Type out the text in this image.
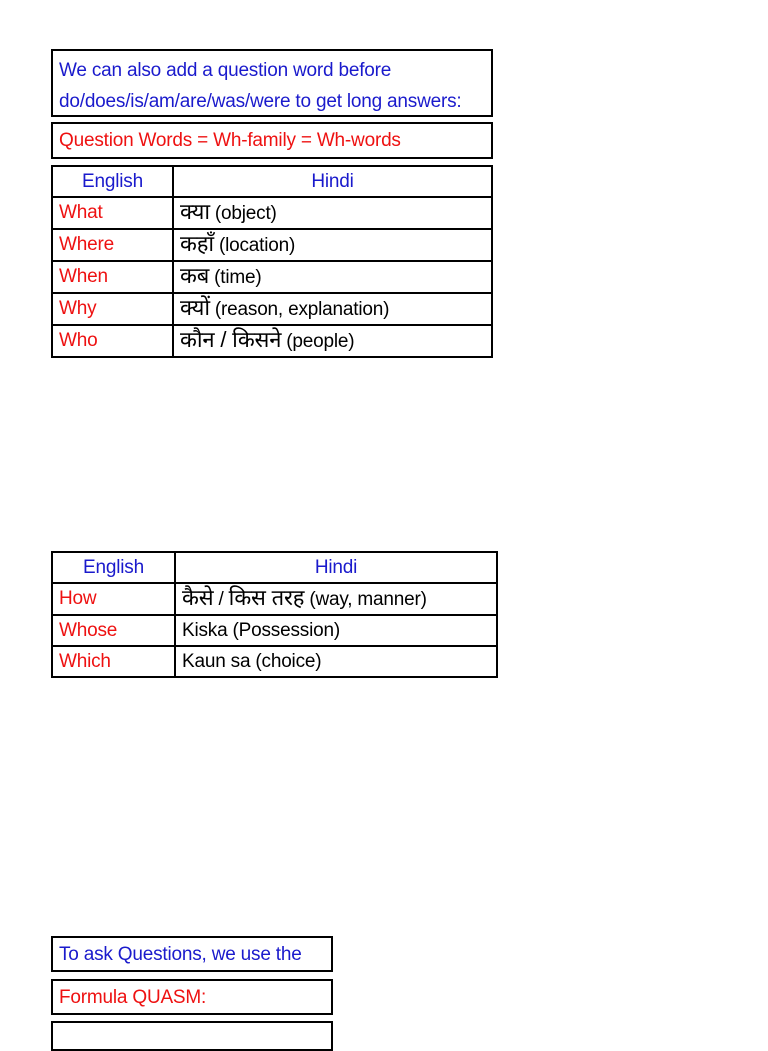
We can also add a question word before
do/does/is/am/are/was/were to get long answers:
Question Words = Wh-family = Wh-words
English	Hindi
What	क्या (object)
Where	कहाँ (location)
When	कब (time)
Why	क्यों (reason, explanation)
Who	कौन / किसने (people)
English	Hindi
How	कैसे / किस तरह (way, manner)
Whose	Kiska (Possession)
Which	Kaun sa (choice)
To ask Questions, we use the
Formula QUASM:
